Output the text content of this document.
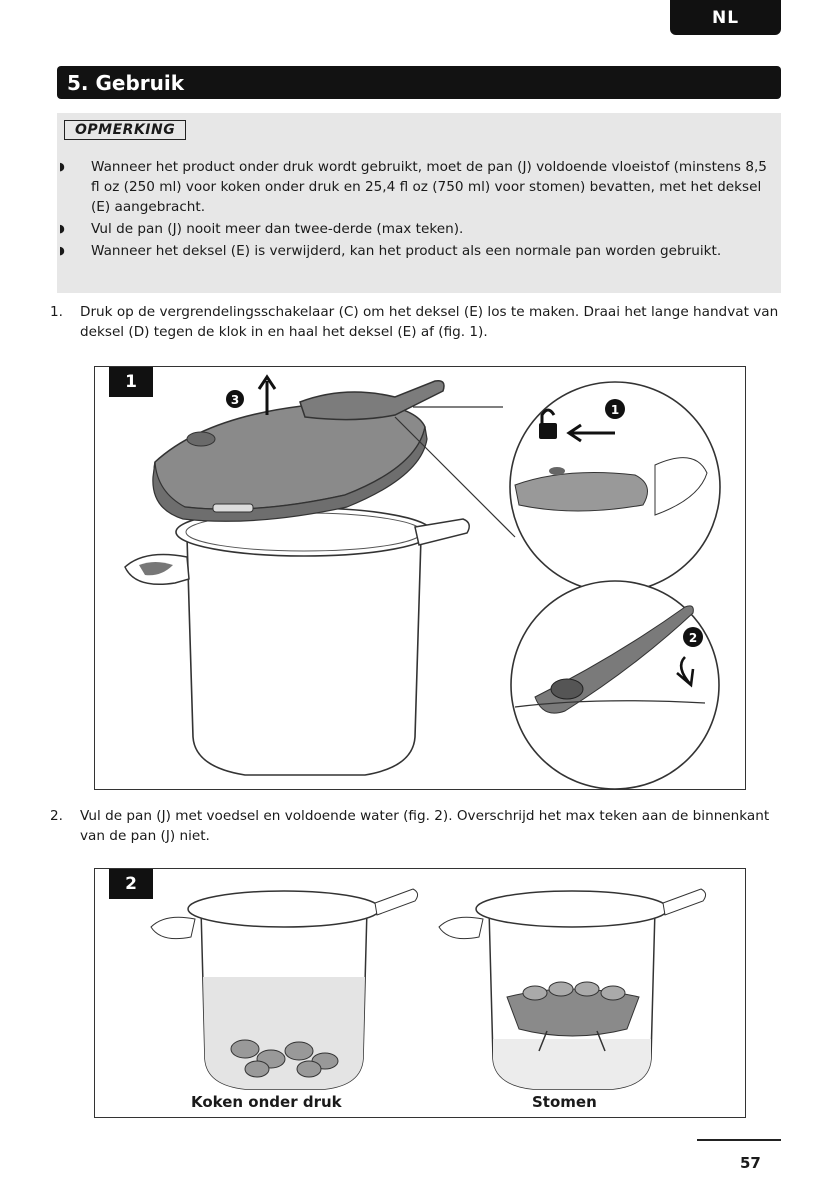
NL
5. Gebruik
OPMERKING
◗ Wanneer het product onder druk wordt gebruikt, moet de pan (J) voldoende vloeistof (minstens 8,5 fl oz (250 ml) voor koken onder druk en 25,4 fl oz (750 ml) voor stomen) bevatten, met het deksel (E) aangebracht.
◗ Vul de pan (J) nooit meer dan twee-derde (max teken).
◗ Wanneer het deksel (E) is verwijderd, kan het product als een normale pan worden gebruikt.
1. Druk op de vergrendelingsschakelaar (C) om het deksel (E) los te maken. Draai het lange handvat van deksel (D) tegen de klok in en haal het deksel (E) af (fig. 1).
1
3
1
2
2. Vul de pan (J) met voedsel en voldoende water (fig. 2). Overschrijd het max teken aan de binnenkant van de pan (J) niet.
2
Koken onder druk	Stomen
57
